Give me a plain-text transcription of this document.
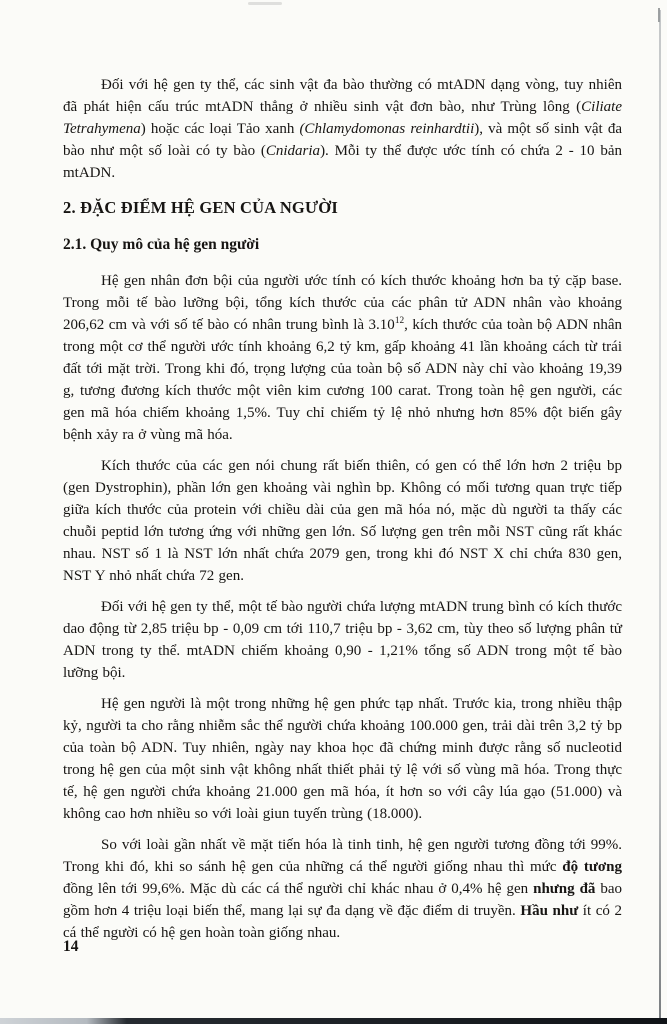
Đối với hệ gen ty thể, các sinh vật đa bào thường có mtADN dạng vòng, tuy nhiên đã phát hiện cấu trúc mtADN thẳng ở nhiều sinh vật đơn bào, như Trùng lông (Ciliate Tetrahymena) hoặc các loại Tảo xanh (Chlamydomonas reinhardtii), và một số sinh vật đa bào như một số loài có ty bào (Cnidaria). Mỗi ty thể được ước tính có chứa 2 - 10 bản mtADN.

2. ĐẶC ĐIỂM HỆ GEN CỦA NGƯỜI
2.1. Quy mô của hệ gen người

Hệ gen nhân đơn bội của người ước tính có kích thước khoảng hơn ba tỷ cặp base. Trong mỗi tế bào lưỡng bội, tổng kích thước của các phân tử ADN nhân vào khoảng 206,62 cm và với số tế bào có nhân trung bình là 3.10$^{12}$, kích thước của toàn bộ ADN nhân trong một cơ thể người ước tính khoảng 6,2 tỷ km, gấp khoảng 41 lần khoảng cách từ trái đất tới mặt trời. Trong khi đó, trọng lượng của toàn bộ số ADN này chỉ vào khoảng 19,39 g, tương đương kích thước một viên kim cương 100 carat. Trong toàn hệ gen người, các gen mã hóa chiếm khoảng 1,5%. Tuy chỉ chiếm tỷ lệ nhỏ nhưng hơn 85% đột biến gây bệnh xảy ra ở vùng mã hóa.

Kích thước của các gen nói chung rất biến thiên, có gen có thể lớn hơn 2 triệu bp (gen Dystrophin), phần lớn gen khoảng vài nghìn bp. Không có mối tương quan trực tiếp giữa kích thước của protein với chiều dài của gen mã hóa nó, mặc dù người ta thấy các chuỗi peptid lớn tương ứng với những gen lớn. Số lượng gen trên mỗi NST cũng rất khác nhau. NST số 1 là NST lớn nhất chứa 2079 gen, trong khi đó NST X chỉ chứa 830 gen, NST Y nhỏ nhất chứa 72 gen.

Đối với hệ gen ty thể, một tế bào người chứa lượng mtADN trung bình có kích thước dao động từ 2,85 triệu bp - 0,09 cm tới 110,7 triệu bp - 3,62 cm, tùy theo số lượng phân tử ADN trong ty thể. mtADN chiếm khoảng 0,90 - 1,21% tổng số ADN trong một tế bào lưỡng bội.

Hệ gen người là một trong những hệ gen phức tạp nhất. Trước kia, trong nhiều thập kỷ, người ta cho rằng nhiễm sắc thể người chứa khoảng 100.000 gen, trải dài trên 3,2 tỷ bp của toàn bộ ADN. Tuy nhiên, ngày nay khoa học đã chứng minh được rằng số nucleotid trong hệ gen của một sinh vật không nhất thiết phải tỷ lệ với số vùng mã hóa. Trong thực tế, hệ gen người chứa khoảng 21.000 gen mã hóa, ít hơn so với cây lúa gạo (51.000) và không cao hơn nhiều so với loài giun tuyến trùng (18.000).

So với loài gần nhất về mặt tiến hóa là tinh tinh, hệ gen người tương đồng tới 99%. Trong khi đó, khi so sánh hệ gen của những cá thể người giống nhau thì mức độ tương đồng lên tới 99,6%. Mặc dù các cá thể người chỉ khác nhau ở 0,4% hệ gen nhưng đã bao gồm hơn 4 triệu loại biến thể, mang lại sự đa dạng về đặc điểm di truyền. Hầu như ít có 2 cá thể người có hệ gen hoàn toàn giống nhau.

14
